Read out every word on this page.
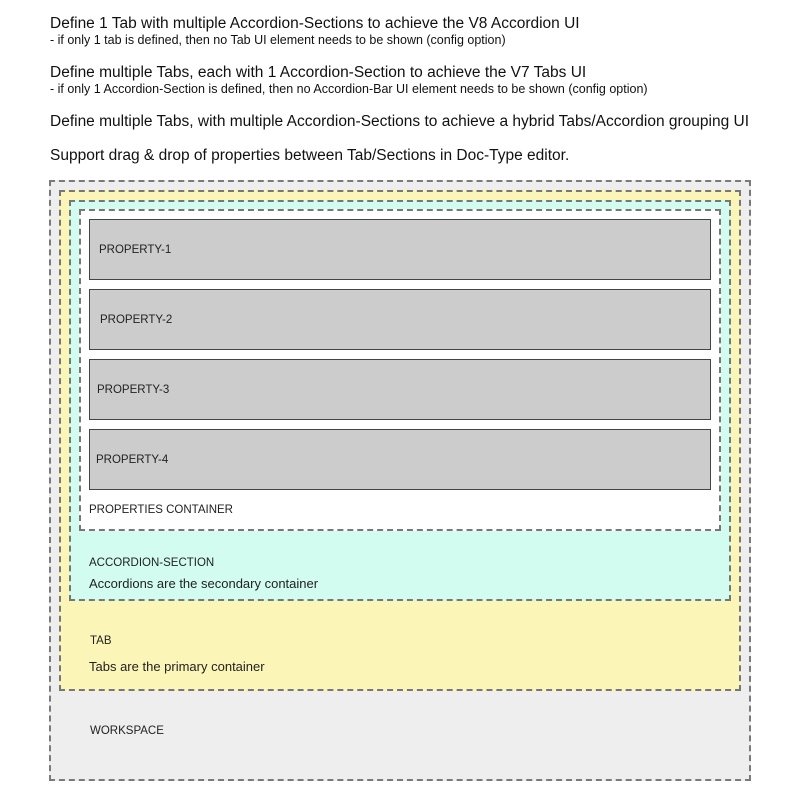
Define 1 Tab with multiple Accordion-Sections to achieve the V8 Accordion UI

- if only 1 tab is defined, then no Tab UI element needs to be shown (config option)

Define multiple Tabs, each with 1 Accordion-Section to achieve the V7 Tabs UI

- if only 1 Accordion-Section is defined, then no Accordion-Bar UI element needs to be shown (config option)

Define multiple Tabs, with multiple Accordion-Sections to achieve a hybrid Tabs/Accordion grouping UI

Support drag & drop of properties between Tab/Sections in Doc-Type editor.

PROPERTY-1
PROPERTY-2
PROPERTY-3
PROPERTY-4
PROPERTIES CONTAINER
ACCORDION-SECTION
Accordions are the secondary container
TAB
Tabs are the primary container
WORKSPACE
